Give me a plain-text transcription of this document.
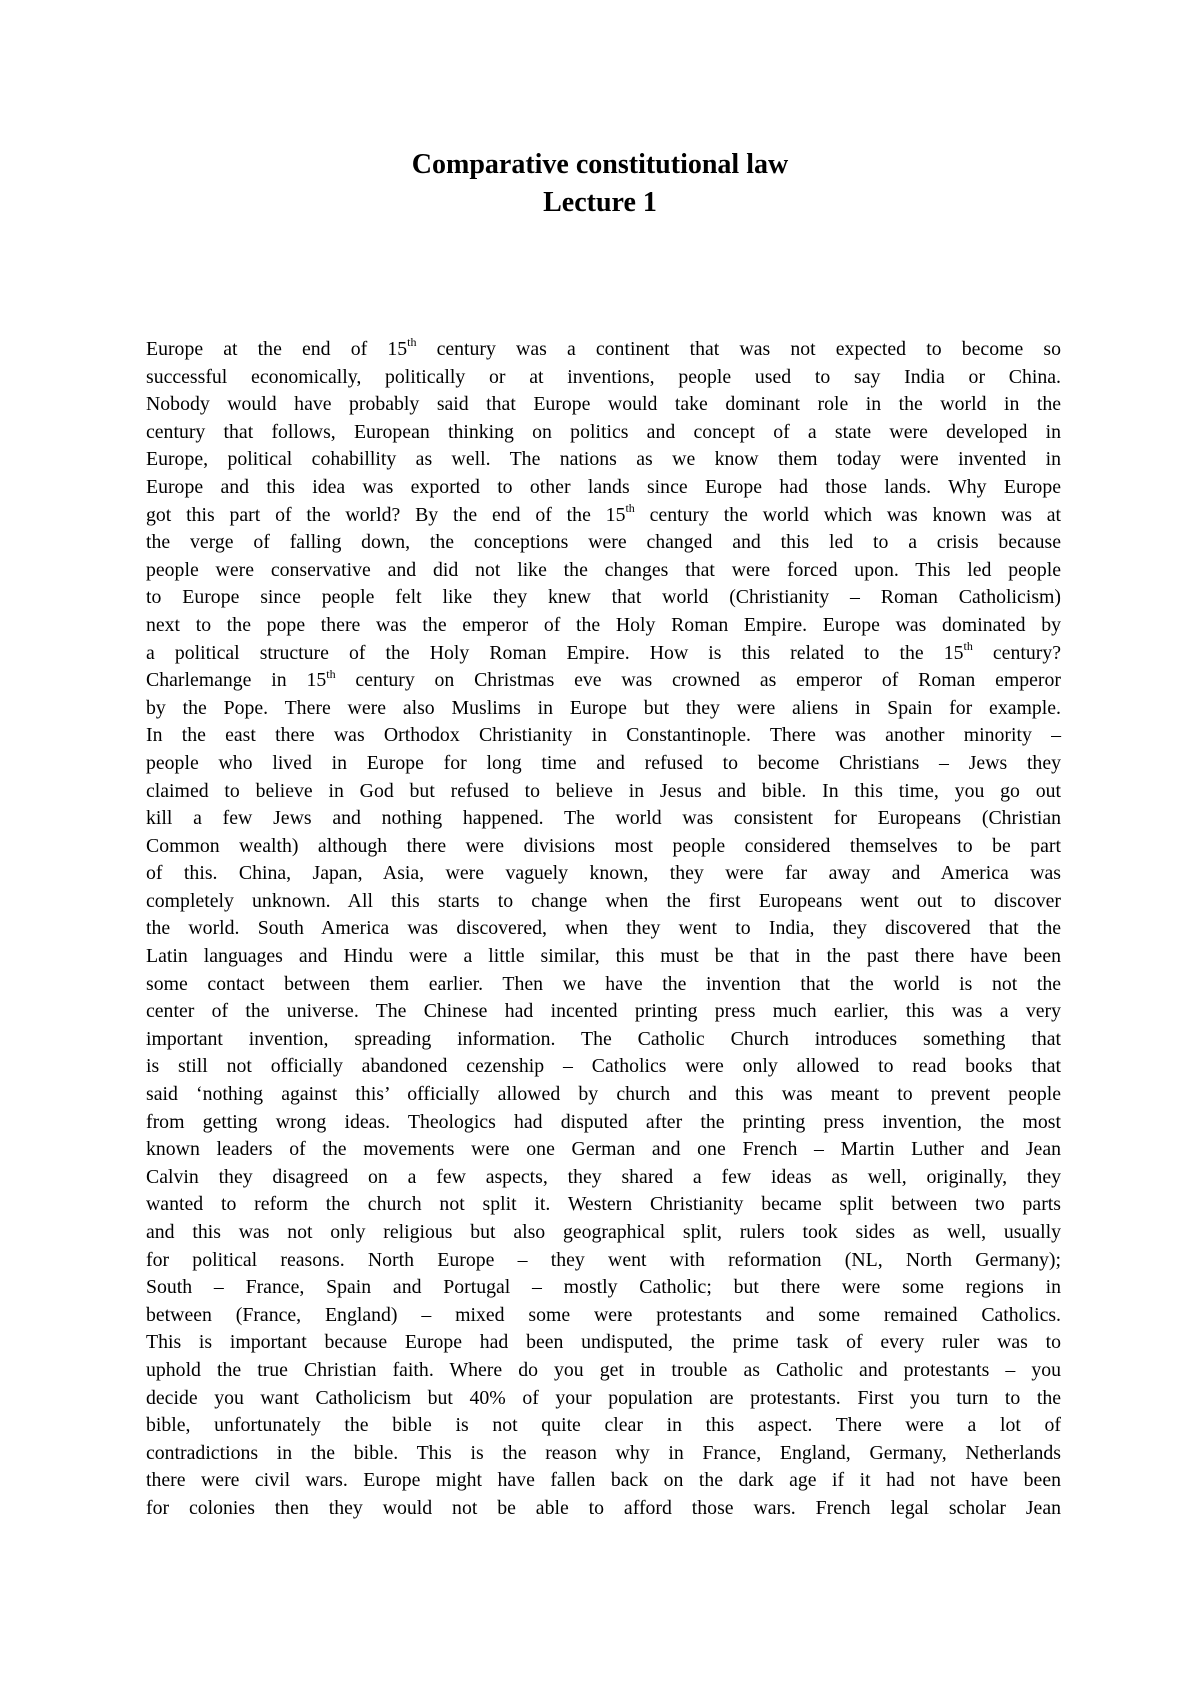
Comparative constitutional law

Lecture 1

Europe at the end of 15th century was a continent that was not expected to become so
successful economically, politically or at inventions, people used to say India or China.
Nobody would have probably said that Europe would take dominant role in the world in the
century that follows, European thinking on politics and concept of a state were developed in
Europe, political cohabillity as well. The nations as we know them today were invented in
Europe and this idea was exported to other lands since Europe had those lands. Why Europe
got this part of the world? By the end of the 15th century the world which was known was at
the verge of falling down, the conceptions were changed and this led to a crisis because
people were conservative and did not like the changes that were forced upon. This led people
to Europe since people felt like they knew that world (Christianity – Roman Catholicism)
next to the pope there was the emperor of the Holy Roman Empire. Europe was dominated by
a political structure of the Holy Roman Empire. How is this related to the 15th century?
Charlemange in 15th century on Christmas eve was crowned as emperor of Roman emperor
by the Pope. There were also Muslims in Europe but they were aliens in Spain for example.
In the east there was Orthodox Christianity in Constantinople. There was another minority –
people who lived in Europe for long time and refused to become Christians – Jews they
claimed to believe in God but refused to believe in Jesus and bible. In this time, you go out
kill a few Jews and nothing happened. The world was consistent for Europeans (Christian
Common wealth) although there were divisions most people considered themselves to be part
of this. China, Japan, Asia, were vaguely known, they were far away and America was
completely unknown. All this starts to change when the first Europeans went out to discover
the world. South America was discovered, when they went to India, they discovered that the
Latin languages and Hindu were a little similar, this must be that in the past there have been
some contact between them earlier. Then we have the invention that the world is not the
center of the universe. The Chinese had incented printing press much earlier, this was a very
important invention, spreading information. The Catholic Church introduces something that
is still not officially abandoned cezenship – Catholics were only allowed to read books that
said ‘nothing against this’ officially allowed by church and this was meant to prevent people
from getting wrong ideas. Theologics had disputed after the printing press invention, the most
known leaders of the movements were one German and one French – Martin Luther and Jean
Calvin they disagreed on a few aspects, they shared a few ideas as well, originally, they
wanted to reform the church not split it. Western Christianity became split between two parts
and this was not only religious but also geographical split, rulers took sides as well, usually
for political reasons. North Europe – they went with reformation (NL, North Germany);
South – France, Spain and Portugal – mostly Catholic; but there were some regions in
between (France, England) – mixed some were protestants and some remained Catholics.
This is important because Europe had been undisputed, the prime task of every ruler was to
uphold the true Christian faith. Where do you get in trouble as Catholic and protestants – you
decide you want Catholicism but 40% of your population are protestants. First you turn to the
bible, unfortunately the bible is not quite clear in this aspect. There were a lot of
contradictions in the bible. This is the reason why in France, England, Germany, Netherlands
there were civil wars. Europe might have fallen back on the dark age if it had not have been
for colonies then they would not be able to afford those wars. French legal scholar Jean
